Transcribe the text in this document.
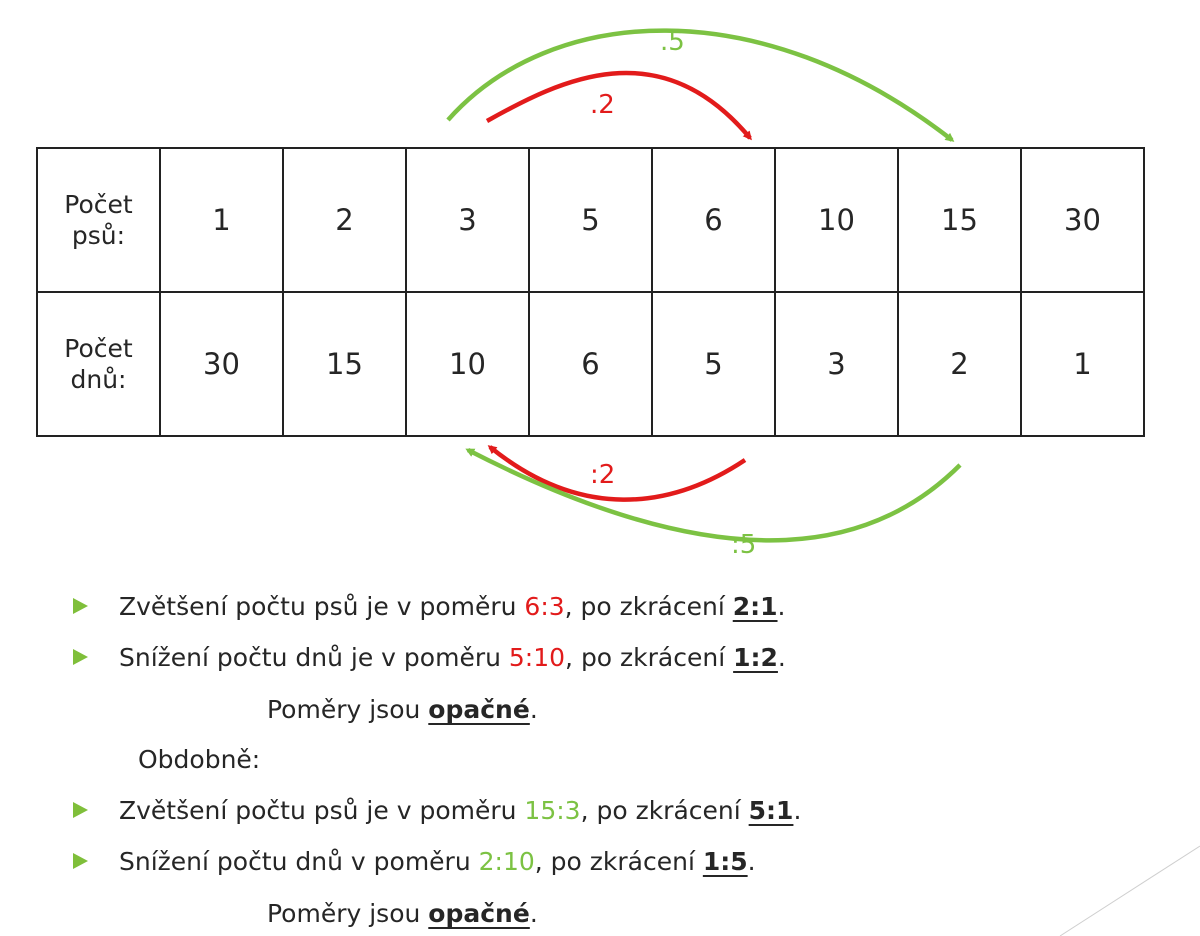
.5
.2
:2
:5
Počet
psů:	1	2	3	5	6	10	15	30
Počet
dnů:	30	15	10	6	5	3	2	1
Zvětšení počtu psů je v poměru 6:3, po zkrácení 2:1.
Snížení počtu dnů je v poměru 5:10, po zkrácení 1:2.
Poměry jsou opačné.
Obdobně:
Zvětšení počtu psů je v poměru 15:3, po zkrácení 5:1.
Snížení počtu dnů v poměru 2:10, po zkrácení 1:5.
Poměry jsou opačné.
